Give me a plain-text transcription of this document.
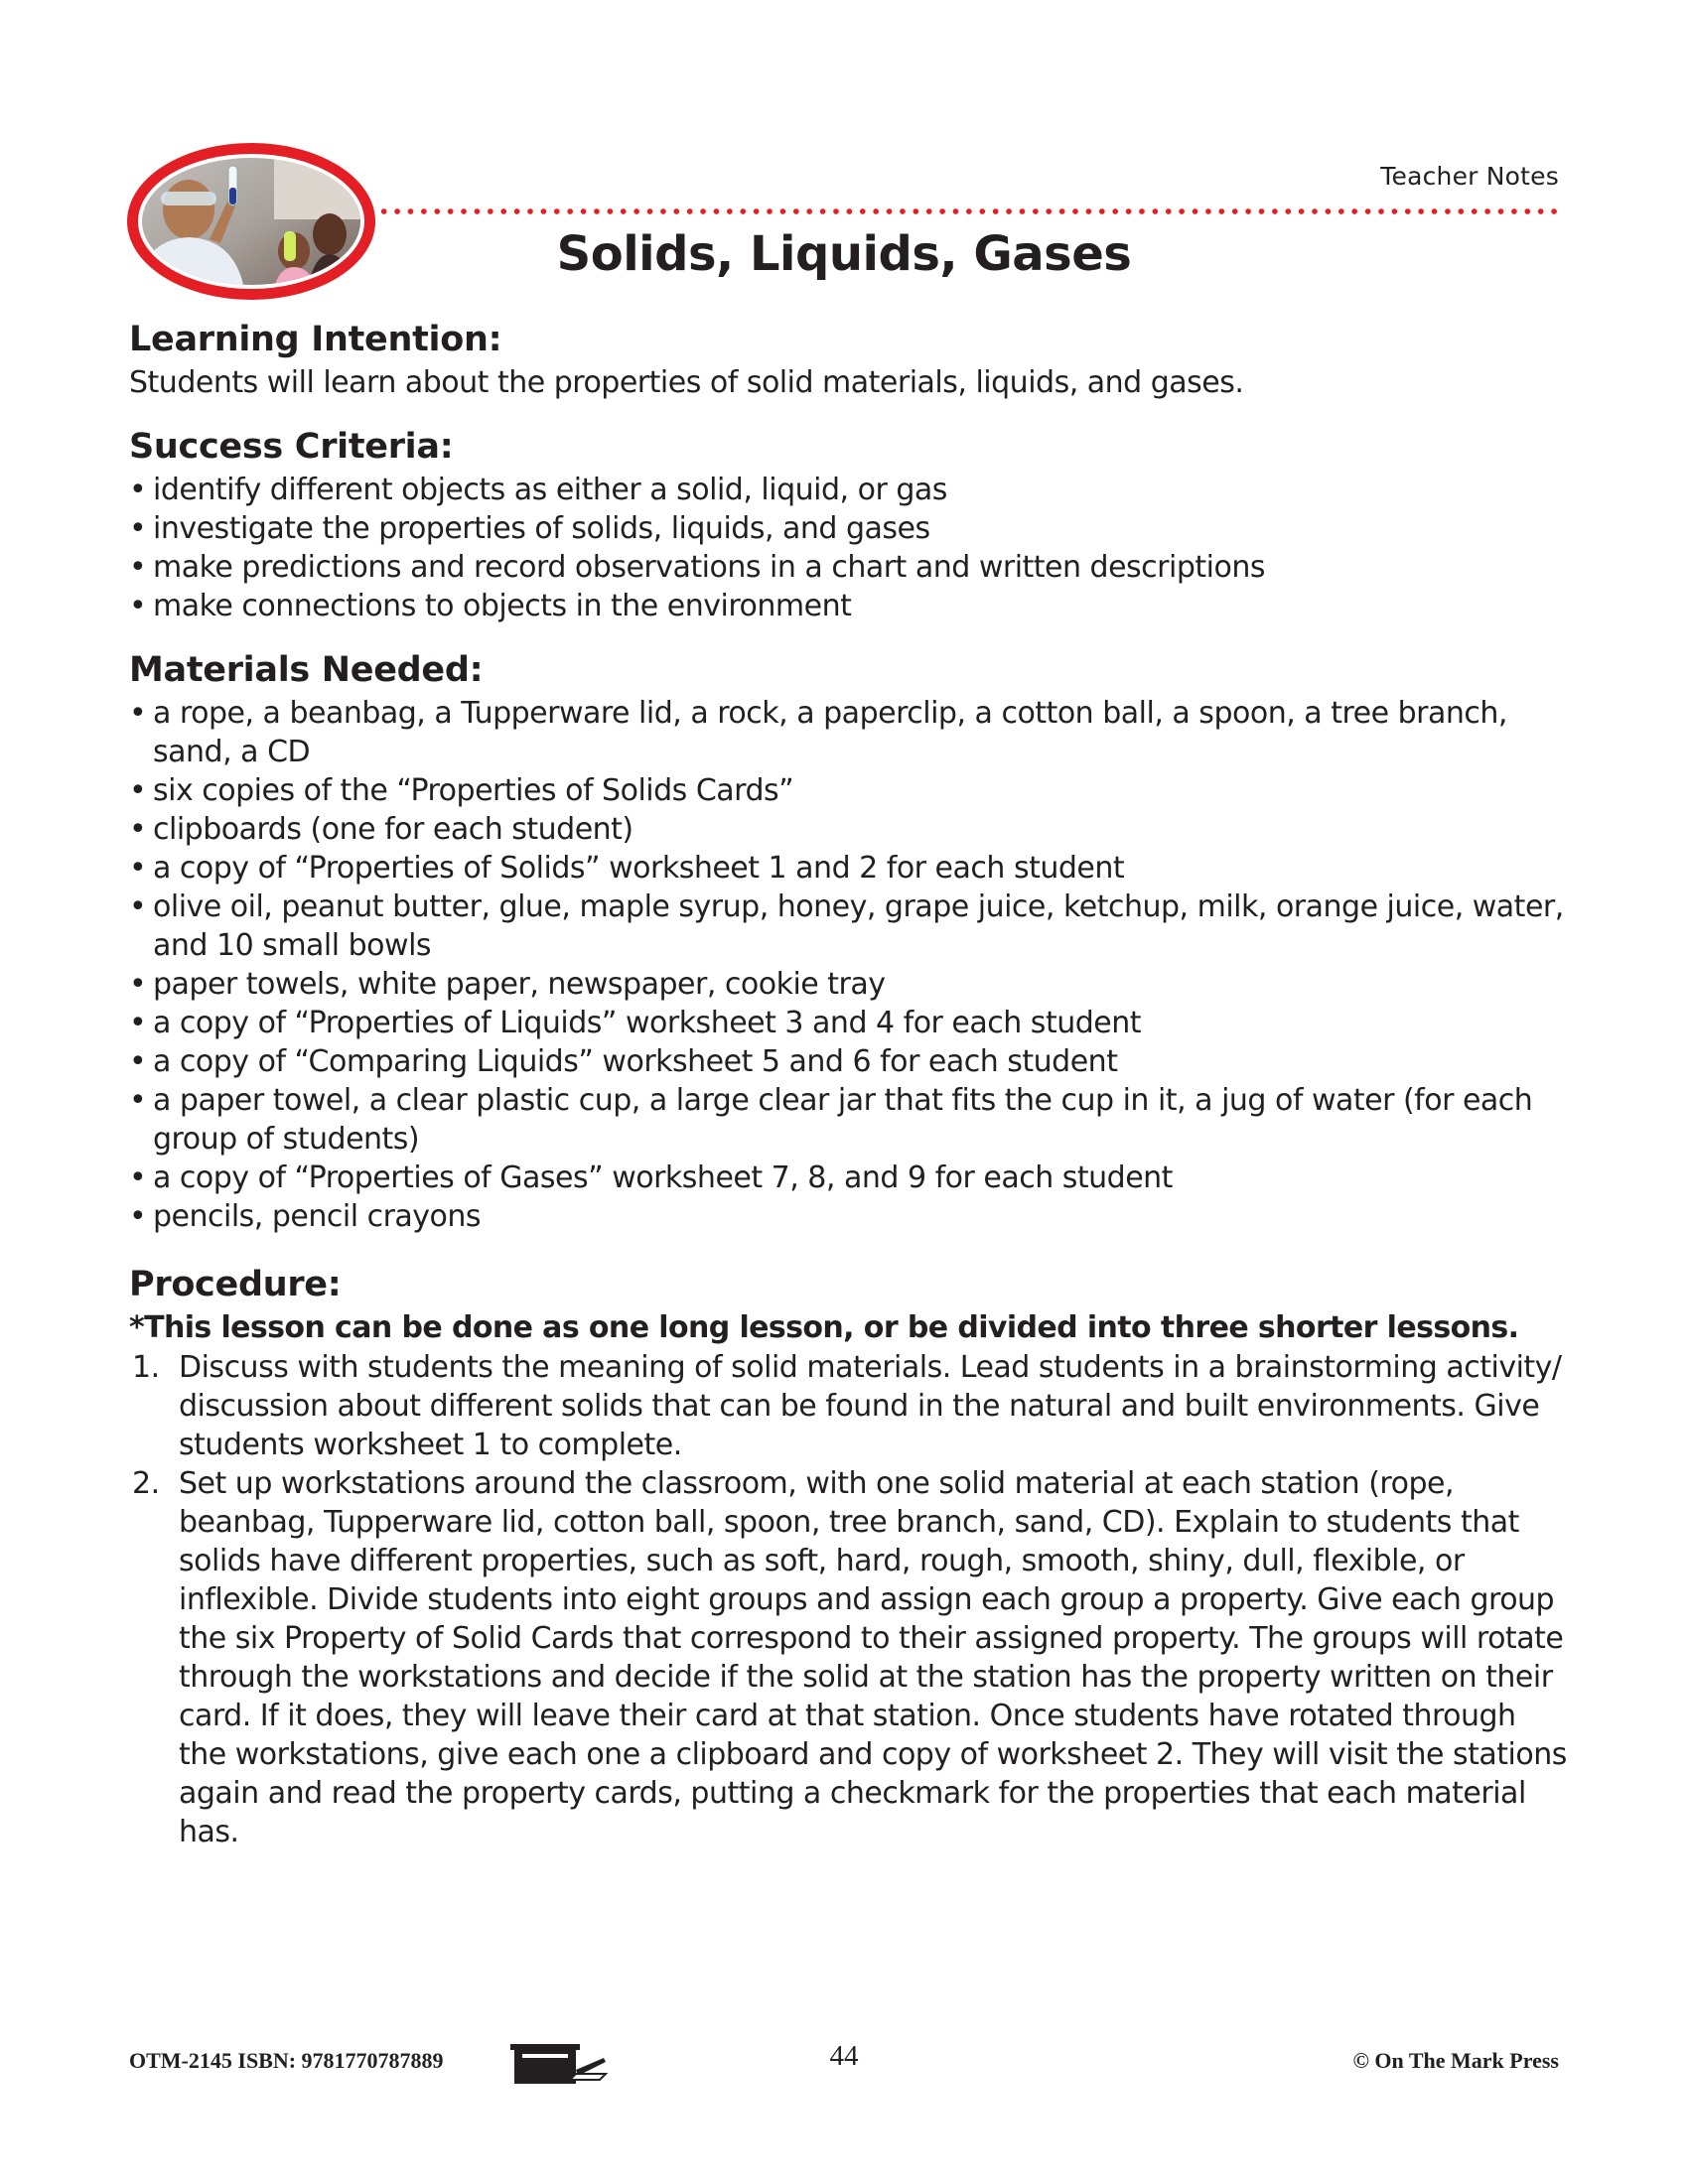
Teacher Notes
Solids, Liquids, Gases
Learning Intention:

Students will learn about the properties of solid materials, liquids, and gases.

Success Criteria:
• identify different objects as either a solid, liquid, or gas
• investigate the properties of solids, liquids, and gases
• make predictions and record observations in a chart and written descriptions
• make connections to objects in the environment
Materials Needed:
• a rope, a beanbag, a Tupperware lid, a rock, a paperclip, a cotton ball, a spoon, a tree branch, sand, a CD
• six copies of the “Properties of Solids Cards”
• clipboards (one for each student)
• a copy of “Properties of Solids” worksheet 1 and 2 for each student
• olive oil, peanut butter, glue, maple syrup, honey, grape juice, ketchup, milk, orange juice, water, and 10 small bowls
• paper towels, white paper, newspaper, cookie tray
• a copy of “Properties of Liquids” worksheet 3 and 4 for each student
• a copy of “Comparing Liquids” worksheet 5 and 6 for each student
• a paper towel, a clear plastic cup, a large clear jar that fits the cup in it, a jug of water (for each group of students)
• a copy of “Properties of Gases” worksheet 7, 8, and 9 for each student
• pencils, pencil crayons
Procedure:

*This lesson can be done as one long lesson, or be divided into three shorter lessons.

1. Discuss with students the meaning of solid materials. Lead students in a brainstorming activity/ discussion about different solids that can be found in the natural and built environments. Give students worksheet 1 to complete.
2. Set up workstations around the classroom, with one solid material at each station (rope, beanbag, Tupperware lid, cotton ball, spoon, tree branch, sand, CD). Explain to students that solids have different properties, such as soft, hard, rough, smooth, shiny, dull, flexible, or inflexible. Divide students into eight groups and assign each group a property. Give each group the six Property of Solid Cards that correspond to their assigned property. The groups will rotate through the workstations and decide if the solid at the station has the property written on their card. If it does, they will leave their card at that station. Once students have rotated through the workstations, give each one a clipboard and copy of worksheet 2. They will visit the stations again and read the property cards, putting a checkmark for the properties that each material has.
OTM-2145 ISBN: 9781770787889	44	© On The Mark Press
